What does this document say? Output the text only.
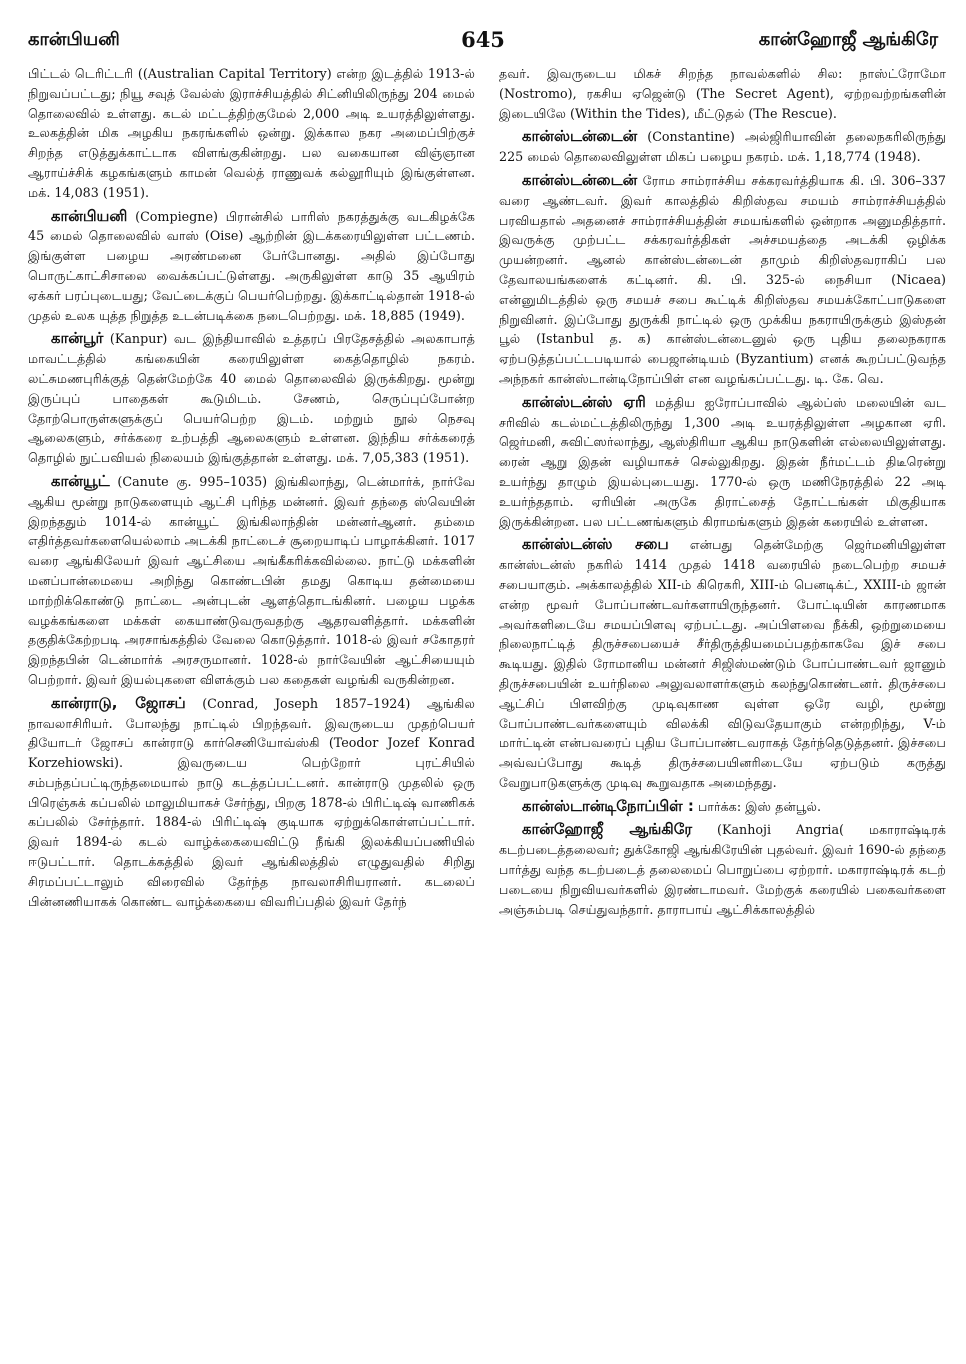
கான்பியனி	645	கான்ஹோஜீ ஆங்கிரே

பிட்டல் டெரிட்டரி ((Australian Capital Territory) என்ற இடத்தில் 1913-ல் நிறுவப்பட்டது; நியூ சவுத் வேல்ஸ் இராச்சியத்தில் சிட்னியிலிருந்து 204 மைல் தொலைவில் உள்ளது. கடல் மட்டத்திற்குமேல் 2,000 அடி உயரத்திலுள்ளது. உலகத்தின் மிக அழகிய நகரங்களில் ஒன்று. இக்கால நகர அமைப்பிற்குச் சிறந்த எடுத்துக்காட்டாக விளங்குகின்றது. பல வகையான விஞ்ஞான ஆராய்ச்சிக் கழகங்களும் காமன் வெல்த் ராணுவக் கல்லூரியும் இங்குள்ளன. மக். 14,083 (1951).

கான்பியனி (Compiegne) பிரான்சில் பாரிஸ் நகரத்துக்கு வடகிழக்கே 45 மைல் தொலைவில் வாஸ் (Oise) ஆற்றின் இடக்கரையிலுள்ள பட்டணம். இங்குள்ள பழைய அரண்மனை பேர்போனது. அதில் இப்போது பொருட்காட்சிசாலை வைக்கப்பட்டுள்ளது. அருகிலுள்ள காடு 35 ஆயிரம் ஏக்கர் பரப்புடையது; வேட்டைக்குப் பெயர்பெற்றது. இக்காட்டில்தான் 1918-ல் முதல் உலக யுத்த நிறுத்த உடன்படிக்கை நடைபெற்றது. மக். 18,885 (1949).

கான்பூர் (Kanpur) வட இந்தியாவில் உத்தரப் பிரதேசத்தில் அலகாபாத் மாவட்டத்தில் கங்கையின் கரையிலுள்ள கைத்தொழில் நகரம். லட்சுமணபுரிக்குத் தென்மேற்கே 40 மைல் தொலைவில் இருக்கிறது. மூன்று இருப்புப் பாதைகள் கூடுமிடம். சேணம், செருப்புப்போன்ற தோற்பொருள்களுக்குப் பெயர்பெற்ற இடம். மற்றும் நூல் நெசவு ஆலைகளும், சர்க்கரை உற்பத்தி ஆலைகளும் உள்ளன. இந்திய சர்க்கரைத் தொழில் நுட்பவியல் நிலையம் இங்குத்தான் உள்ளது. மக். 7,05,383 (1951).

கான்யூட் (Canute கு. 995–1035) இங்கிலாந்து, டென்மார்க், நார்வே ஆகிய மூன்று நாடுகளையும் ஆட்சி புரிந்த மன்னர். இவர் தந்தை ஸ்வெயின் இறந்ததும் 1014-ல் கான்யூட் இங்கிலாந்தின் மன்னர்ஆனர். தம்மை எதிர்த்தவர்களையெல்லாம் அடக்கி நாட்டைச் சூறையாடிப் பாழாக்கினர். 1017 வரை ஆங்கிலேயர் இவர் ஆட்சியை அங்கீகரிக்கவில்லை. நாட்டு மக்களின் மனப்பான்மையை அறிந்து கொண்டபின் தமது கொடிய தன்மையை மாற்றிக்கொண்டு நாட்டை அன்புடன் ஆளத்தொடங்கினர். பழைய பழக்க வழக்கங்களை மக்கள் கையாண்டுவருவதற்கு ஆதரவளித்தார். மக்களின் தகுதிக்கேற்றபடி அரசாங்கத்தில் வேலை கொடுத்தார். 1018-ல் இவர் சகோதரர் இறந்தபின் டென்மார்க் அரசருமானர். 1028-ல் நார்வேயின் ஆட்சியையும் பெற்றார். இவர் இயல்புகளை விளக்கும் பல கதைகள் வழங்கி வருகின்றன.

கான்ராடு, ஜோசப் (Conrad, Joseph 1857–1924) ஆங்கில நாவலாசிரியர். போலந்து நாட்டில் பிறந்தவர். இவருடைய முதற்பெயர் தியோடர் ஜோசப் கான்ராடு கார்செனியோவ்ஸ்கி (Teodor Jozef Konrad Korzehiowski). இவருடைய பெற்றோர் புரட்சியில் சம்பந்தப்பட்டிருந்தமையால் நாடு கடத்தப்பட்டனர். கான்ராடு முதலில் ஒரு பிரெஞ்சுக் கப்பலில் மாலுமியாகச் சேர்ந்து, பிறகு 1878-ல் பிரிட்டிஷ் வாணிகக் கப்பலில் சேர்ந்தார். 1884-ல் பிரிட்டிஷ் குடியாக ஏற்றுக்கொள்ளப்பட்டார். இவர் 1894-ல் கடல் வாழ்க்கையைவிட்டு நீங்கி இலக்கியப்பணியில் ஈடுபட்டார். தொடக்கத்தில் இவர் ஆங்கிலத்தில் எழுதுவதில் சிறிது சிரமப்பட்டாலும் விரைவில் தேர்ந்த நாவலாசிரியரானர். கடலைப் பின்னணியாகக் கொண்ட வாழ்க்கையை விவரிப்பதில் இவர் தேர்ந்

தவர். இவருடைய மிகச் சிறந்த நாவல்களில் சில: நாஸ்ட்ரோமோ (Nostromo), ரகசிய ஏஜென்டு (The Secret Agent), ஏற்றவற்றங்களின் இடையிலே (Within the Tides), மீட்டுதல் (The Rescue).

கான்ஸ்டன்டைன் (Constantine) அல்ஜிரியாவின் தலைநகரிலிருந்து 225 மைல் தொலைவிலுள்ள மிகப் பழைய நகரம். மக். 1,18,774 (1948).

கான்ஸ்டன்டைன் ரோம சாம்ராச்சிய சக்கரவர்த்தியாக கி. பி. 306–337 வரை ஆண்டவர். இவர் காலத்தில் கிறிஸ்தவ சமயம் சாம்ராச்சியத்தில் பரவியதால் அதனைச் சாம்ராச்சியத்தின் சமயங்களில் ஒன்றாக அனுமதித்தார். இவருக்கு முற்பட்ட சக்கரவர்த்திகள் அச்சமயத்தை அடக்கி ஒழிக்க முயன்றனர். ஆனல் கான்ஸ்டன்டைன் தாமும் கிறிஸ்தவராகிப் பல தேவாலயங்களைக் கட்டினர். கி. பி. 325-ல் நைசியா (Nicaea) என்னுமிடத்தில் ஒரு சமயச் சபை கூட்டிக் கிறிஸ்தவ சமயக்கோட்பாடுகளை நிறுவினர். இப்போது துருக்கி நாட்டில் ஒரு முக்கிய நகராயிருக்கும் இஸ்தன் பூல் (Istanbul த. க) கான்ஸ்டன்டைனுல் ஒரு புதிய தலைநகராக ஏற்படுத்தப்பட்டபடியால் பைஜான்டியம் (Byzantium) எனக் கூறப்பட்டுவந்த அந்நகர் கான்ஸ்டான்டிநோப்பிள் என வழங்கப்பட்டது. டி. கே. வெ.

கான்ஸ்டன்ஸ் ஏரி மத்திய ஐரோப்பாவில் ஆல்ப்ஸ் மலையின் வட சரிவில் கடல்மட்டத்திலிருந்து 1,300 அடி உயரத்திலுள்ள அழகான ஏரி. ஜெர்மனி, சுவிட்ஸர்லாந்து, ஆஸ்திரியா ஆகிய நாடுகளின் எல்லையிலுள்ளது. ரைன் ஆறு இதன் வழியாகச் செல்லுகிறது. இதன் நீர்மட்டம் திடீரென்று உயர்ந்து தாழும் இயல்புடையது. 1770-ல் ஒரு மணிநேரத்தில் 22 அடி உயர்ந்ததாம். ஏரியின் அருகே திராட்சைத் தோட்டங்கள் மிகுதியாக இருக்கின்றன. பல பட்டணங்களும் கிராமங்களும் இதன் கரையில் உள்ளன.

கான்ஸ்டன்ஸ் சபை என்பது தென்மேற்கு ஜெர்மனியிலுள்ள கான்ஸ்டன்ஸ் நகரில் 1414 முதல் 1418 வரையில் நடைபெற்ற சமயச் சபையாகும். அக்காலத்தில் XII-ம் கிரெகரி, XIII-ம் பெனடிக்ட், XXIII-ம் ஜான் என்ற மூவர் போப்பாண்டவர்களாயிருந்தனர். போட்டியின் காரணமாக அவர்களிடையே சமயப்பிளவு ஏற்பட்டது. அப்பிளவை நீக்கி, ஒற்றுமையை நிலைநாட்டித் திருச்சபையைச் சீர்திருத்தியமைப்பதற்காகவே இச் சபை கூடியது. இதில் ரோமானிய மன்னர் சிஜிஸ்மண்டும் போப்பாண்டவர் ஜானும் திருச்சபையின் உயர்நிலை அலுவலாளர்களும் கலந்துகொண்டனர். திருச்சபை ஆட்சிப் பிளவிற்கு முடிவுகாண வுள்ள ஒரே வழி, மூன்று போப்பாண்டவர்களையும் விலக்கி விடுவதேயாகும் என்றறிந்து, V-ம் மார்ட்டின் என்பவரைப் புதிய போப்பாண்டவராகத் தேர்ந்தெடுத்தனர். இச்சபை அவ்வப்போது கூடித் திருச்சபையினரிடையே ஏற்படும் கருத்து வேறுபாடுகளுக்கு முடிவு கூறுவதாக அமைந்தது.

கான்ஸ்டான்டிநோப்பிள் : பார்க்க: இஸ் தன்பூல்.

கான்ஹோஜீ ஆங்கிரே (Kanhoji Angria( மகாராஷ்டிரக் கடற்படைத்தலைவர்; துக்கோஜி ஆங்கிரேயின் புதல்வர். இவர் 1690-ல் தந்தை பார்த்து வந்த கடற்படைத் தலைமைப் பொறுப்பை ஏற்றார். மகாராஷ்டிரக் கடற் படையை நிறுவியவர்களில் இரண்டாமவர். மேற்குக் கரையில் பகைவர்களை அஞ்சும்படி செய்துவந்தார். தாராபாய் ஆட்சிக்காலத்தில்
